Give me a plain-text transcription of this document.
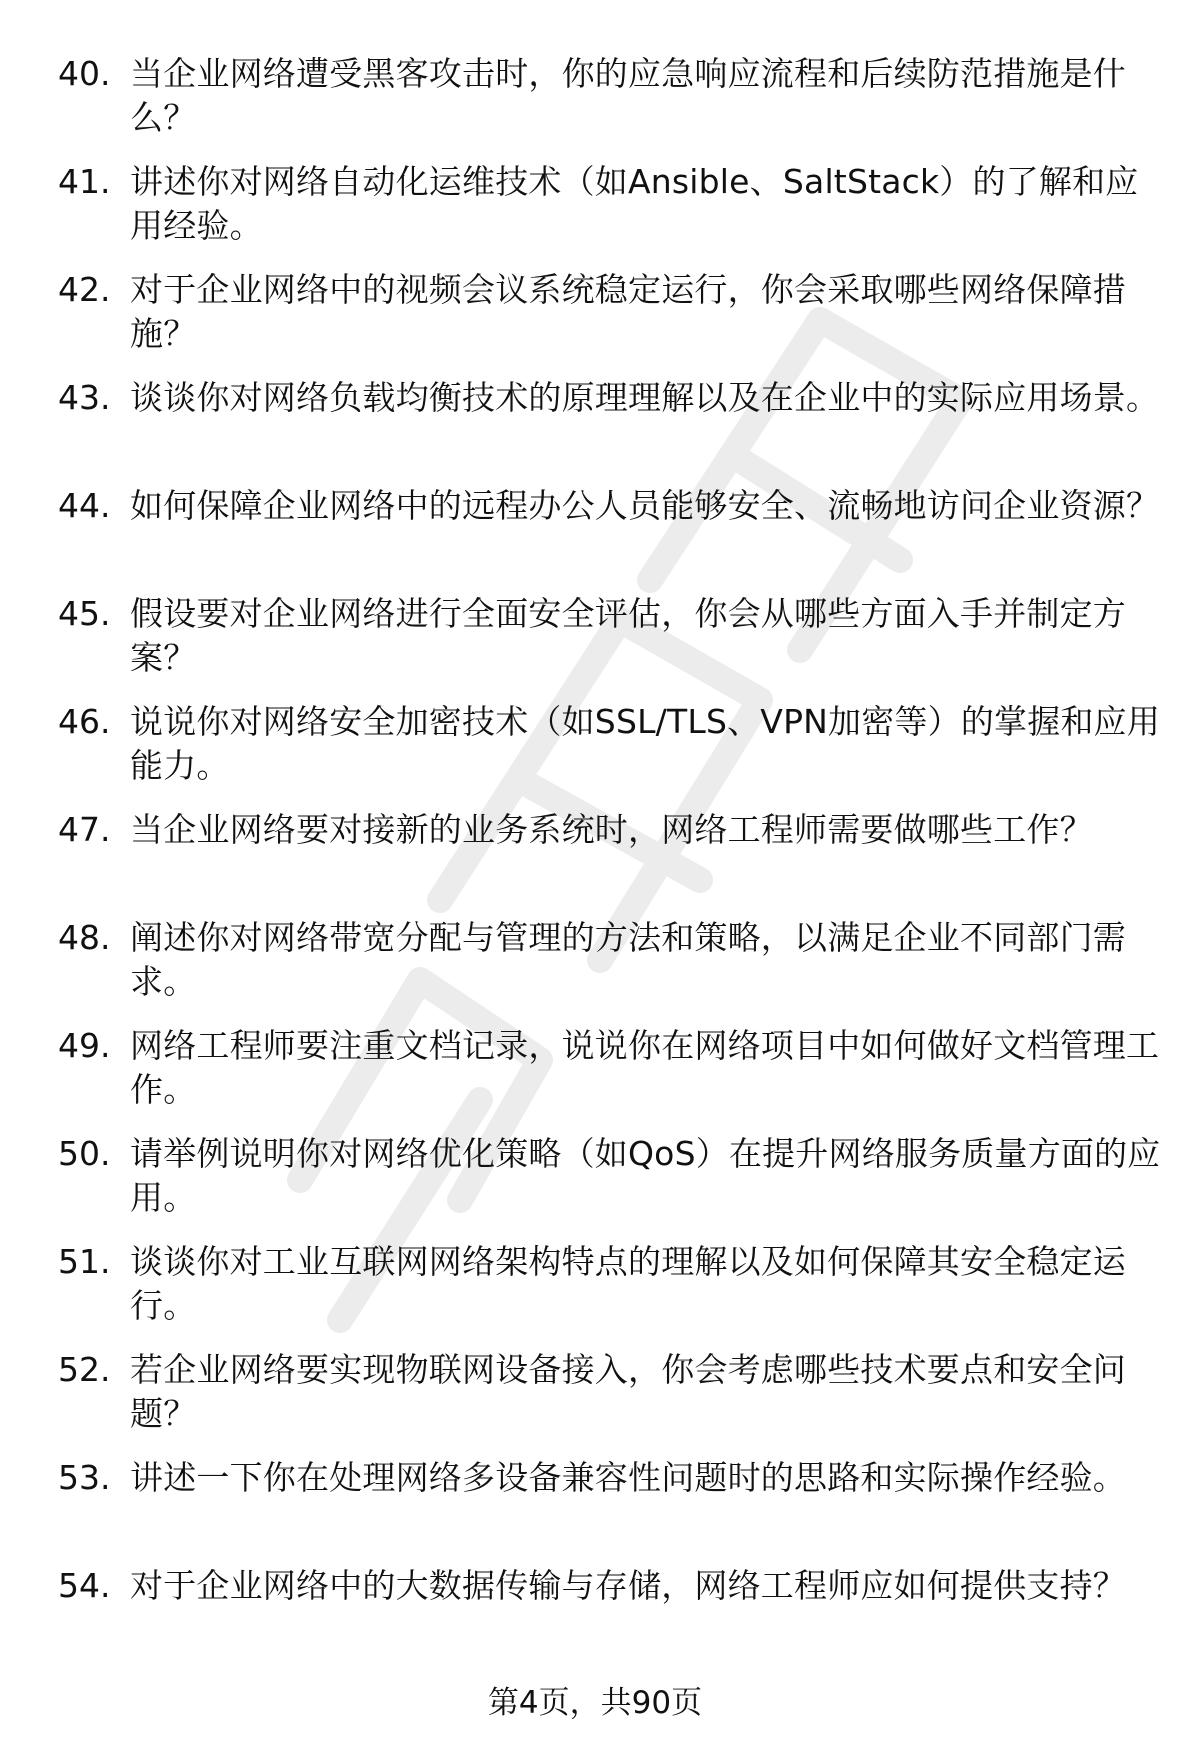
40. 当企业网络遭受黑客攻击时，你的应急响应流程和后续防范措施是什么？
41. 讲述你对网络自动化运维技术（如Ansible、SaltStack）的了解和应用经验。
42. 对于企业网络中的视频会议系统稳定运行，你会采取哪些网络保障措施？
43. 谈谈你对网络负载均衡技术的原理理解以及在企业中的实际应用场景。
44. 如何保障企业网络中的远程办公人员能够安全、流畅地访问企业资源？
45. 假设要对企业网络进行全面安全评估，你会从哪些方面入手并制定方案？
46. 说说你对网络安全加密技术（如SSL/TLS、VPN加密等）的掌握和应用能力。
47. 当企业网络要对接新的业务系统时，网络工程师需要做哪些工作？
48. 阐述你对网络带宽分配与管理的方法和策略，以满足企业不同部门需求。
49. 网络工程师要注重文档记录，说说你在网络项目中如何做好文档管理工作。
50. 请举例说明你对网络优化策略（如QoS）在提升网络服务质量方面的应用。
51. 谈谈你对工业互联网网络架构特点的理解以及如何保障其安全稳定运行。
52. 若企业网络要实现物联网设备接入，你会考虑哪些技术要点和安全问题？
53. 讲述一下你在处理网络多设备兼容性问题时的思路和实际操作经验。
54. 对于企业网络中的大数据传输与存储，网络工程师应如何提供支持？
第4页，共90页
